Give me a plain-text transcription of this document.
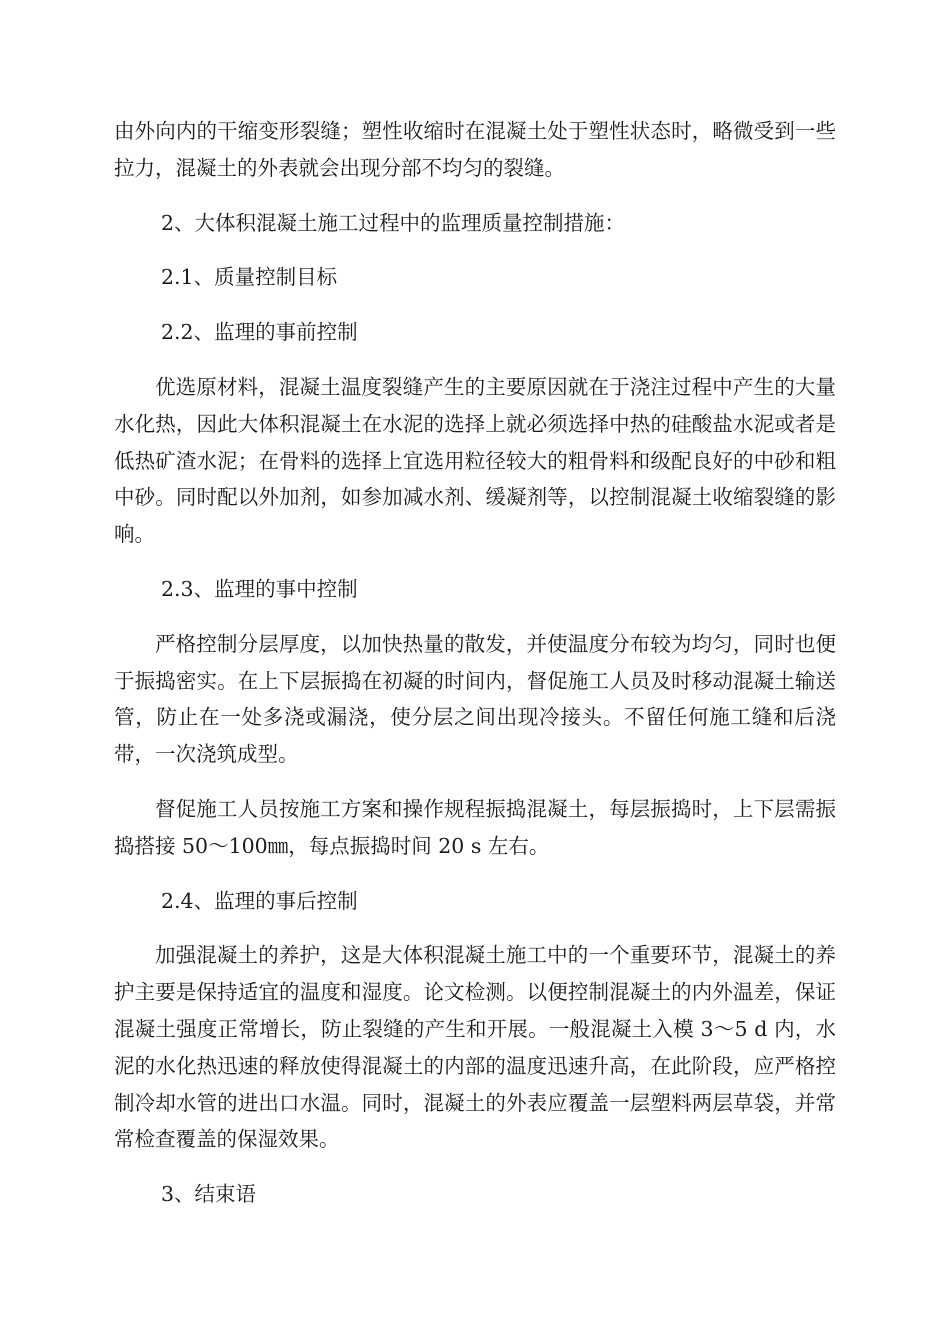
由外向内的干缩变形裂缝；塑性收缩时在混凝土处于塑性状态时，略微受到一些拉力，混凝土的外表就会出现分部不均匀的裂缝。

2、大体积混凝土施工过程中的监理质量控制措施：

2.1、质量控制目标

2.2、监理的事前控制

优选原材料，混凝土温度裂缝产生的主要原因就在于浇注过程中产生的大量水化热，因此大体积混凝土在水泥的选择上就必须选择中热的硅酸盐水泥或者是低热矿渣水泥；在骨料的选择上宜选用粒径较大的粗骨料和级配良好的中砂和粗中砂。同时配以外加剂，如参加减水剂、缓凝剂等，以控制混凝土收缩裂缝的影响。

2.3、监理的事中控制

严格控制分层厚度，以加快热量的散发，并使温度分布较为均匀，同时也便于振捣密实。在上下层振捣在初凝的时间内，督促施工人员及时移动混凝土输送管，防止在一处多浇或漏浇，使分层之间出现冷接头。不留任何施工缝和后浇带，一次浇筑成型。

督促施工人员按施工方案和操作规程振捣混凝土，每层振捣时，上下层需振捣搭接 50～100㎜，每点振捣时间 20 s 左右。

2.4、监理的事后控制

加强混凝土的养护，这是大体积混凝土施工中的一个重要环节，混凝土的养护主要是保持适宜的温度和湿度。论文检测。以便控制混凝土的内外温差，保证混凝土强度正常增长，防止裂缝的产生和开展。一般混凝土入模 3～5 d 内，水泥的水化热迅速的释放使得混凝土的内部的温度迅速升高，在此阶段，应严格控制冷却水管的进出口水温。同时，混凝土的外表应覆盖一层塑料两层草袋，并常常检查覆盖的保湿效果。

3、结束语
